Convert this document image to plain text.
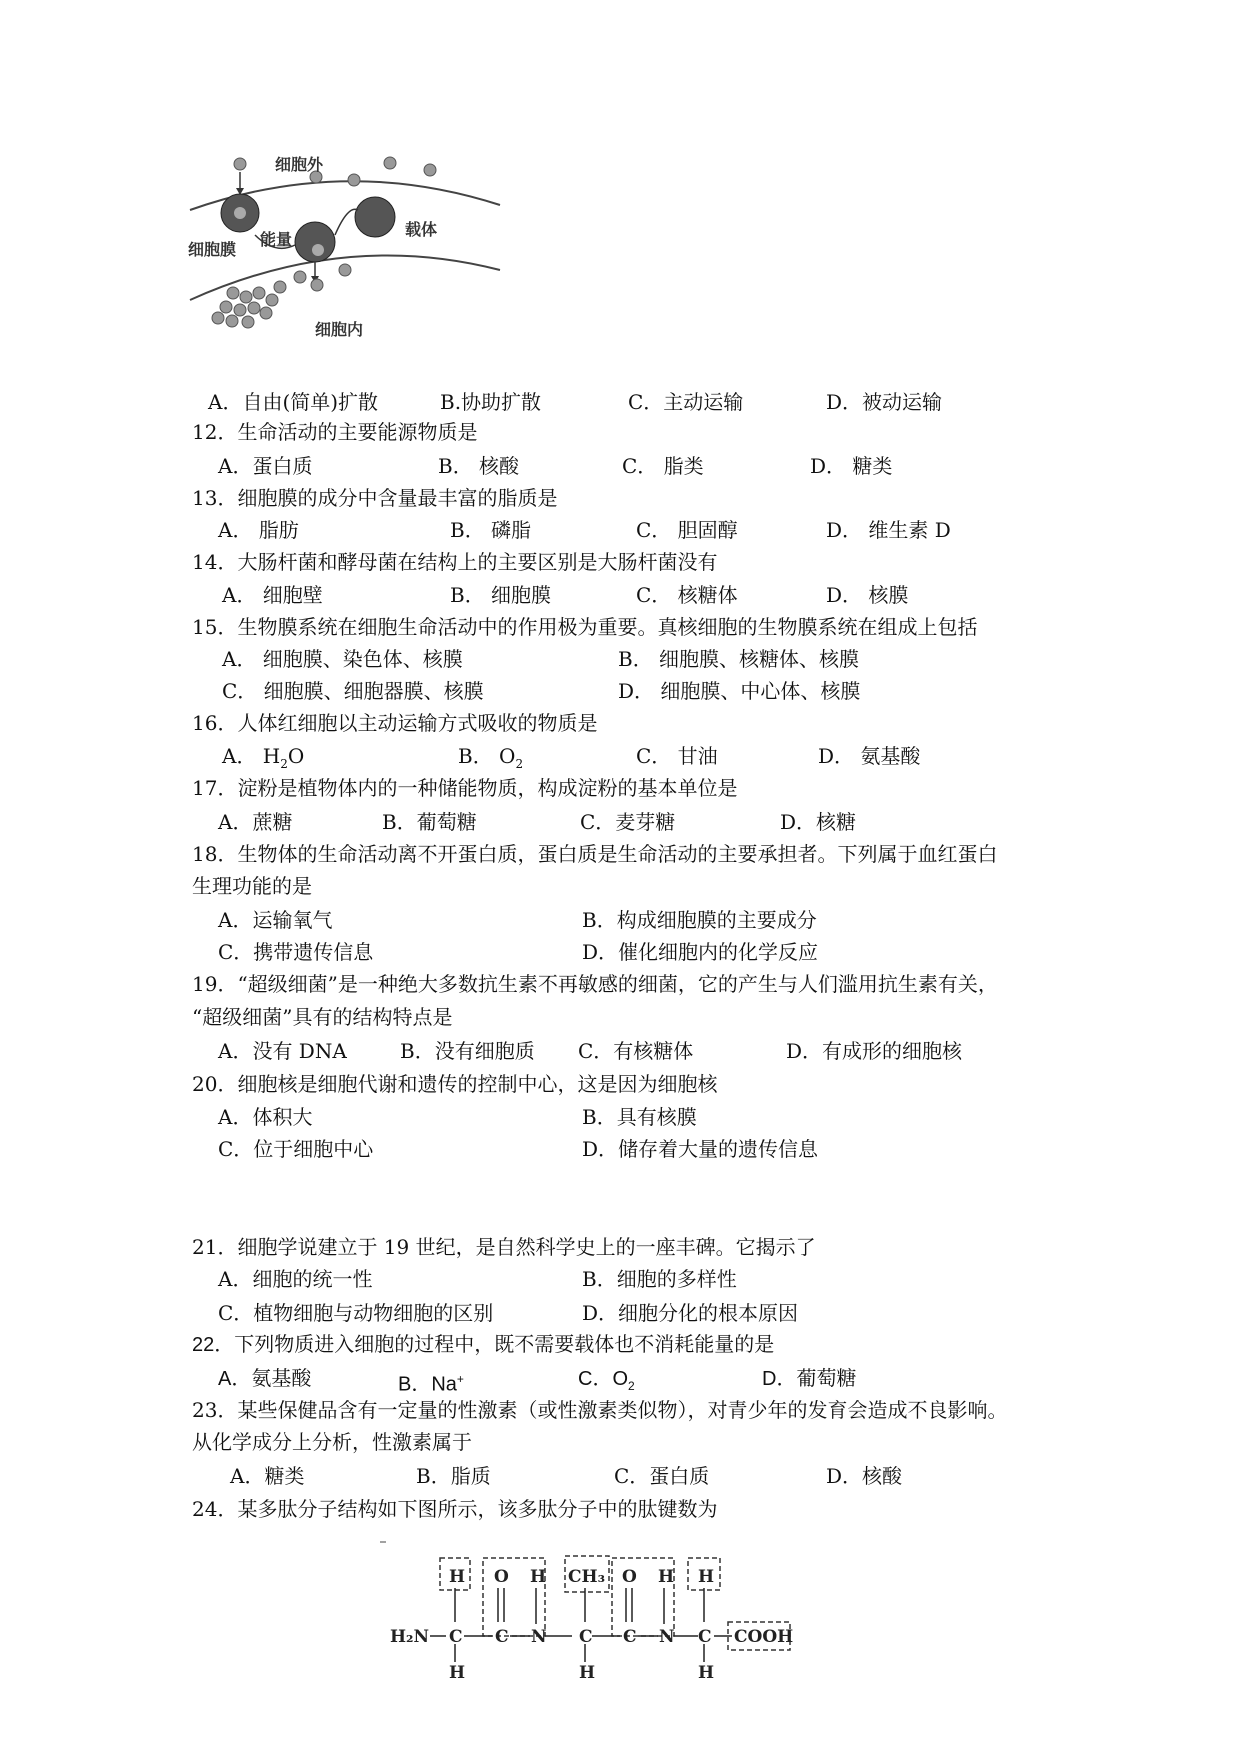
细胞外
细胞膜
能量
载体
细胞内
A．自由(简单)扩散	B.协助扩散	C．主动运输	D．被动运输
12．生命活动的主要能源物质是
A．蛋白质	B． 核酸	C． 脂类	D． 糖类
13．细胞膜的成分中含量最丰富的脂质是
A． 脂肪	B． 磷脂	C． 胆固醇	D． 维生素 D
14．大肠杆菌和酵母菌在结构上的主要区别是大肠杆菌没有
A． 细胞壁	B． 细胞膜	C． 核糖体	D． 核膜
15．生物膜系统在细胞生命活动中的作用极为重要。真核细胞的生物膜系统在组成上包括
A． 细胞膜、染色体、核膜	B． 细胞膜、核糖体、核膜
C． 细胞膜、细胞器膜、核膜	D． 细胞膜、中心体、核膜
16．人体红细胞以主动运输方式吸收的物质是
A． $H_2O$	B． $O_2$	C． 甘油	D． 氨基酸
17．淀粉是植物体内的一种储能物质，构成淀粉的基本单位是
A．蔗糖	B．葡萄糖	C．麦芽糖	D．核糖
18．生物体的生命活动离不开蛋白质，蛋白质是生命活动的主要承担者。下列属于血红蛋白
生理功能的是
A．运输氧气	B．构成细胞膜的主要成分
C．携带遗传信息	D．催化细胞内的化学反应
19．“超级细菌”是一种绝大多数抗生素不再敏感的细菌，它的产生与人们滥用抗生素有关，
“超级细菌”具有的结构特点是
A．没有 DNA	B．没有细胞质 C．有核糖体	D．有成形的细胞核
20．细胞核是细胞代谢和遗传的控制中心，这是因为细胞核
A．体积大	B．具有核膜
C．位于细胞中心	D．储存着大量的遗传信息
21．细胞学说建立于 19 世纪，是自然科学史上的一座丰碑。它揭示了
A．细胞的统一性	B．细胞的多样性
C．植物细胞与动物细胞的区别	D．细胞分化的根本原因
22．下列物质进入细胞的过程中，既不需要载体也不消耗能量的是
A．氨基酸	B．Na+	C．$O_2$	D．葡萄糖
23．某些保健品含有一定量的性激素（或性激素类似物），对青少年的发育会造成不良影响。
从化学成分上分析，性激素属于
A．糖类	B．脂质	C．蛋白质	D．核酸
24．某多肽分子结构如下图所示，该多肽分子中的肽键数为
H₂N C
H
H
O
C
H
N
CH₃
C
H
O
C
H
N
H
C
H
COOH
